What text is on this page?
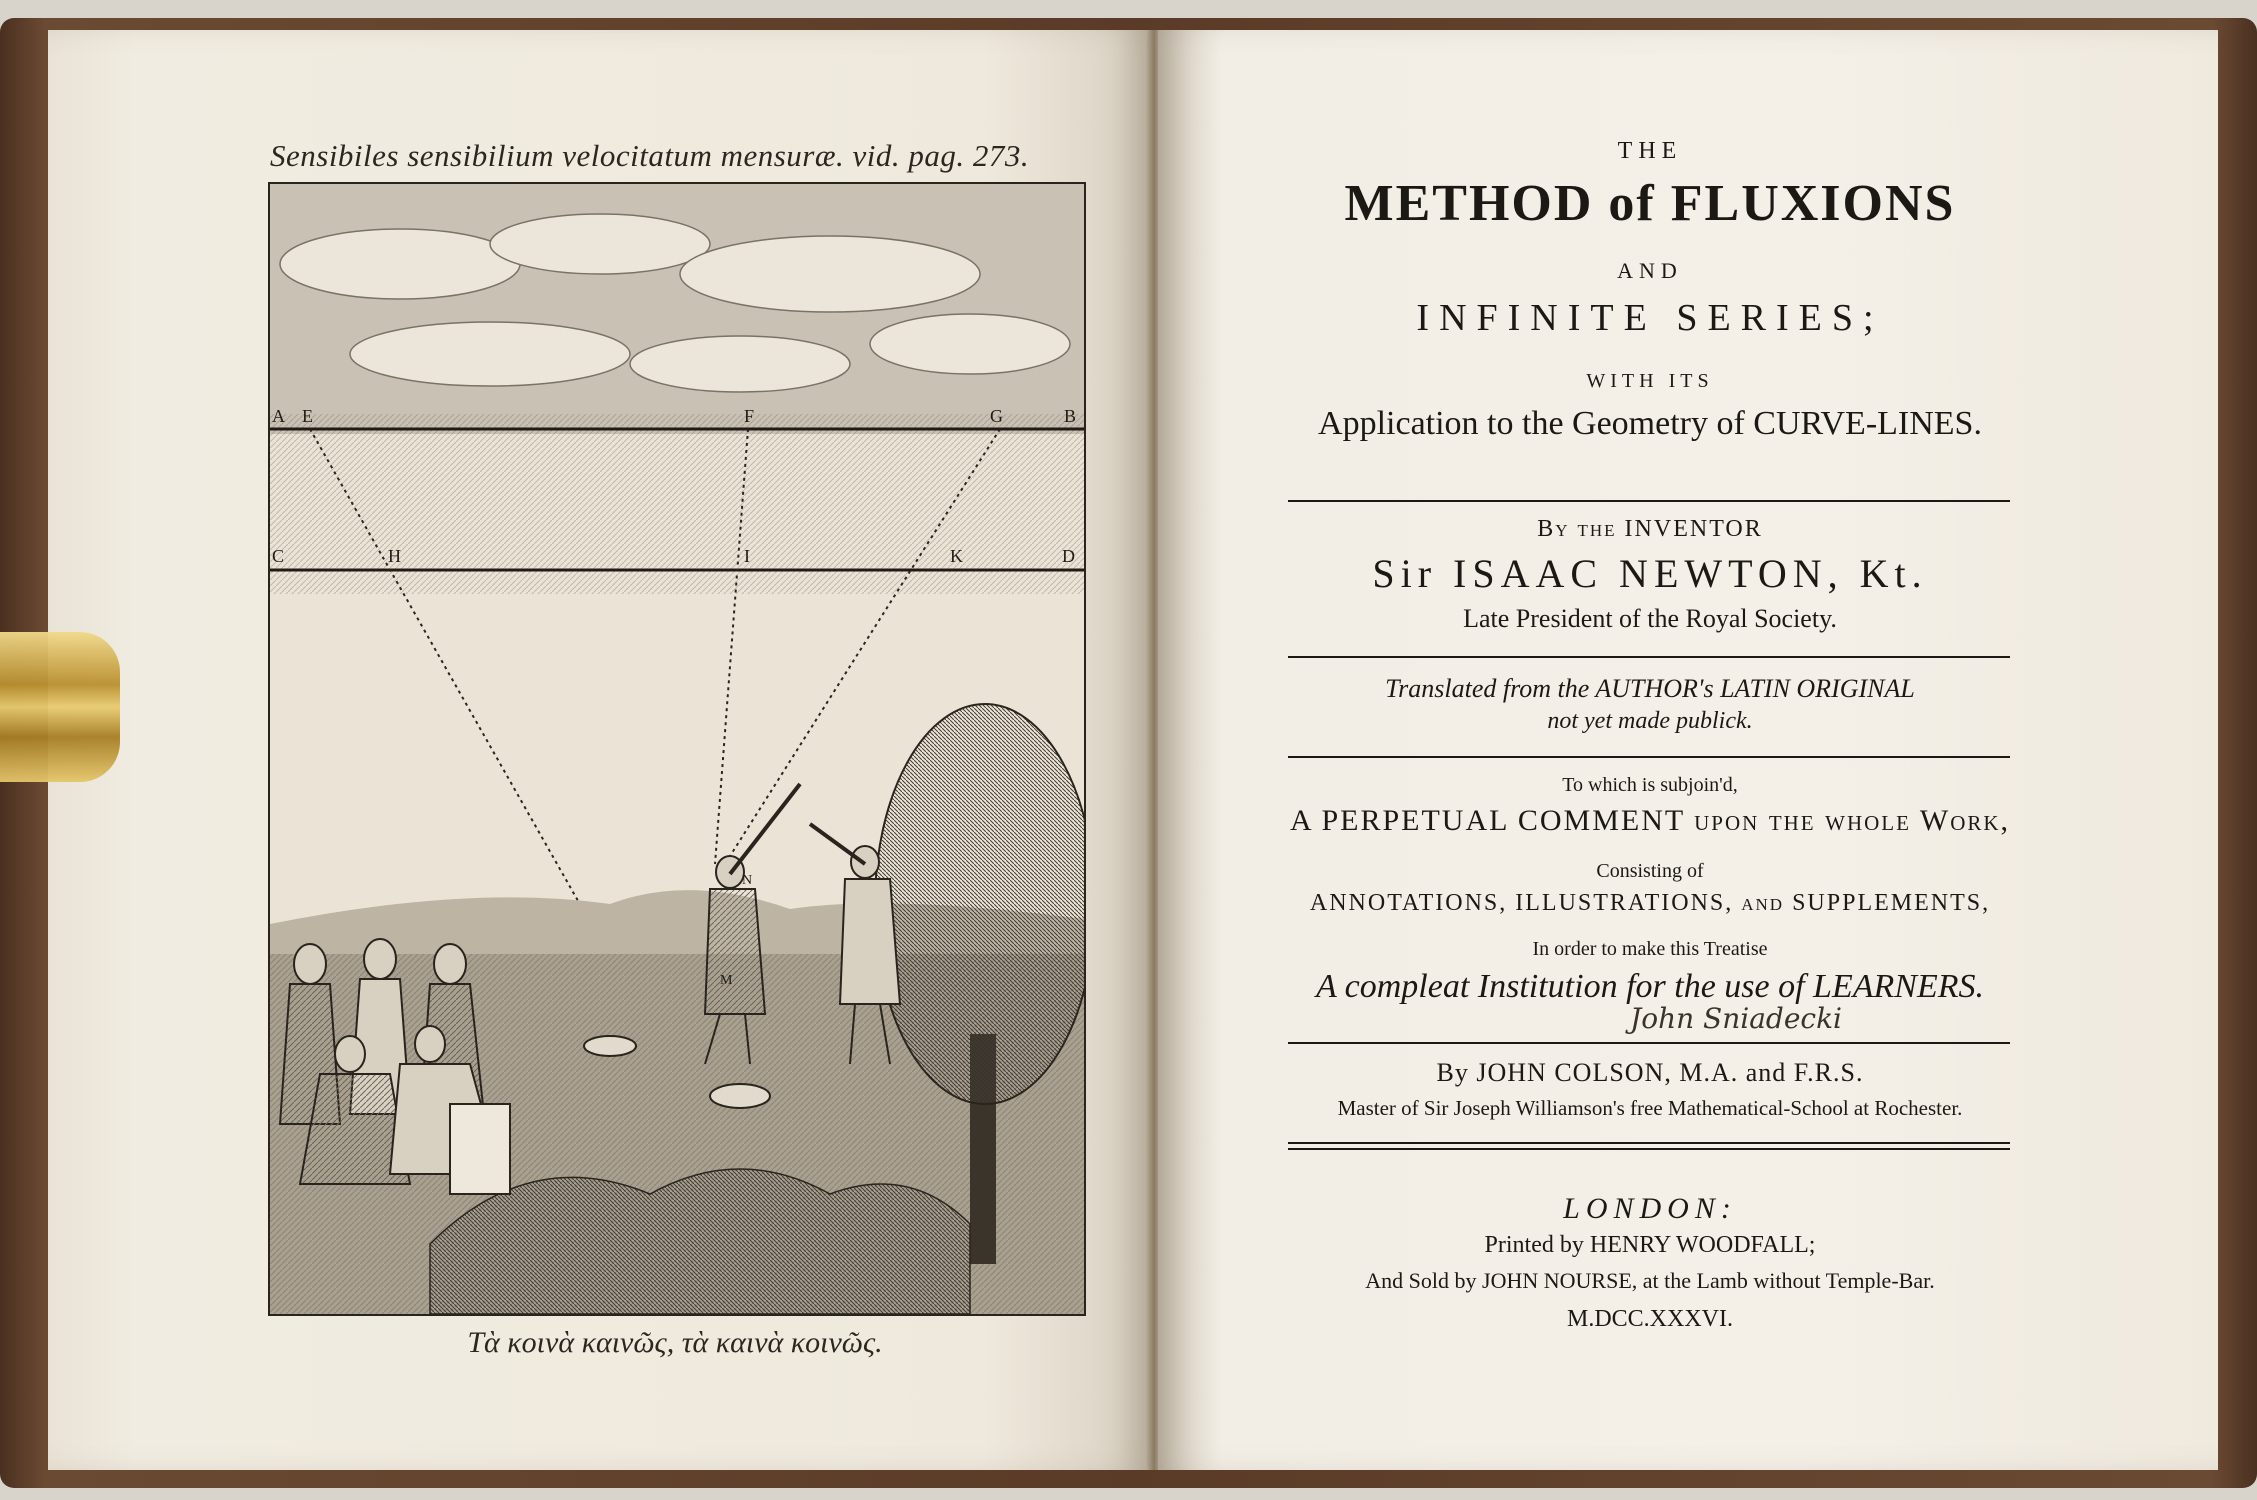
Sensibiles sensibilium velocitatum mensuræ. vid. pag. 273.
A E	F	G	B
C	H	I	K	D
N
M
Τὰ κοινὰ καινῶς, τὰ καινὰ κοινῶς.
THE
METHOD of FLUXIONS
AND
INFINITE SERIES;
WITH ITS
Application to the Geometry of CURVE-LINES.
By the INVENTOR
Sir ISAAC NEWTON, Kt.
Late President of the Royal Society.
Translated from the AUTHOR's LATIN ORIGINAL
not yet made publick.
To which is subjoin'd,
A PERPETUAL COMMENT upon the whole Work,
Consisting of
ANNOTATIONS, ILLUSTRATIONS, and SUPPLEMENTS,
In order to make this Treatise
A compleat Institution for the use of LEARNERS.
By JOHN COLSON, M.A. and F.R.S.
Master of Sir Joseph Williamson's free Mathematical-School at Rochester.
LONDON:
Printed by HENRY WOODFALL;
And Sold by JOHN NOURSE, at the Lamb without Temple-Bar.
M.DCC.XXXVI.
John Sniadecki
